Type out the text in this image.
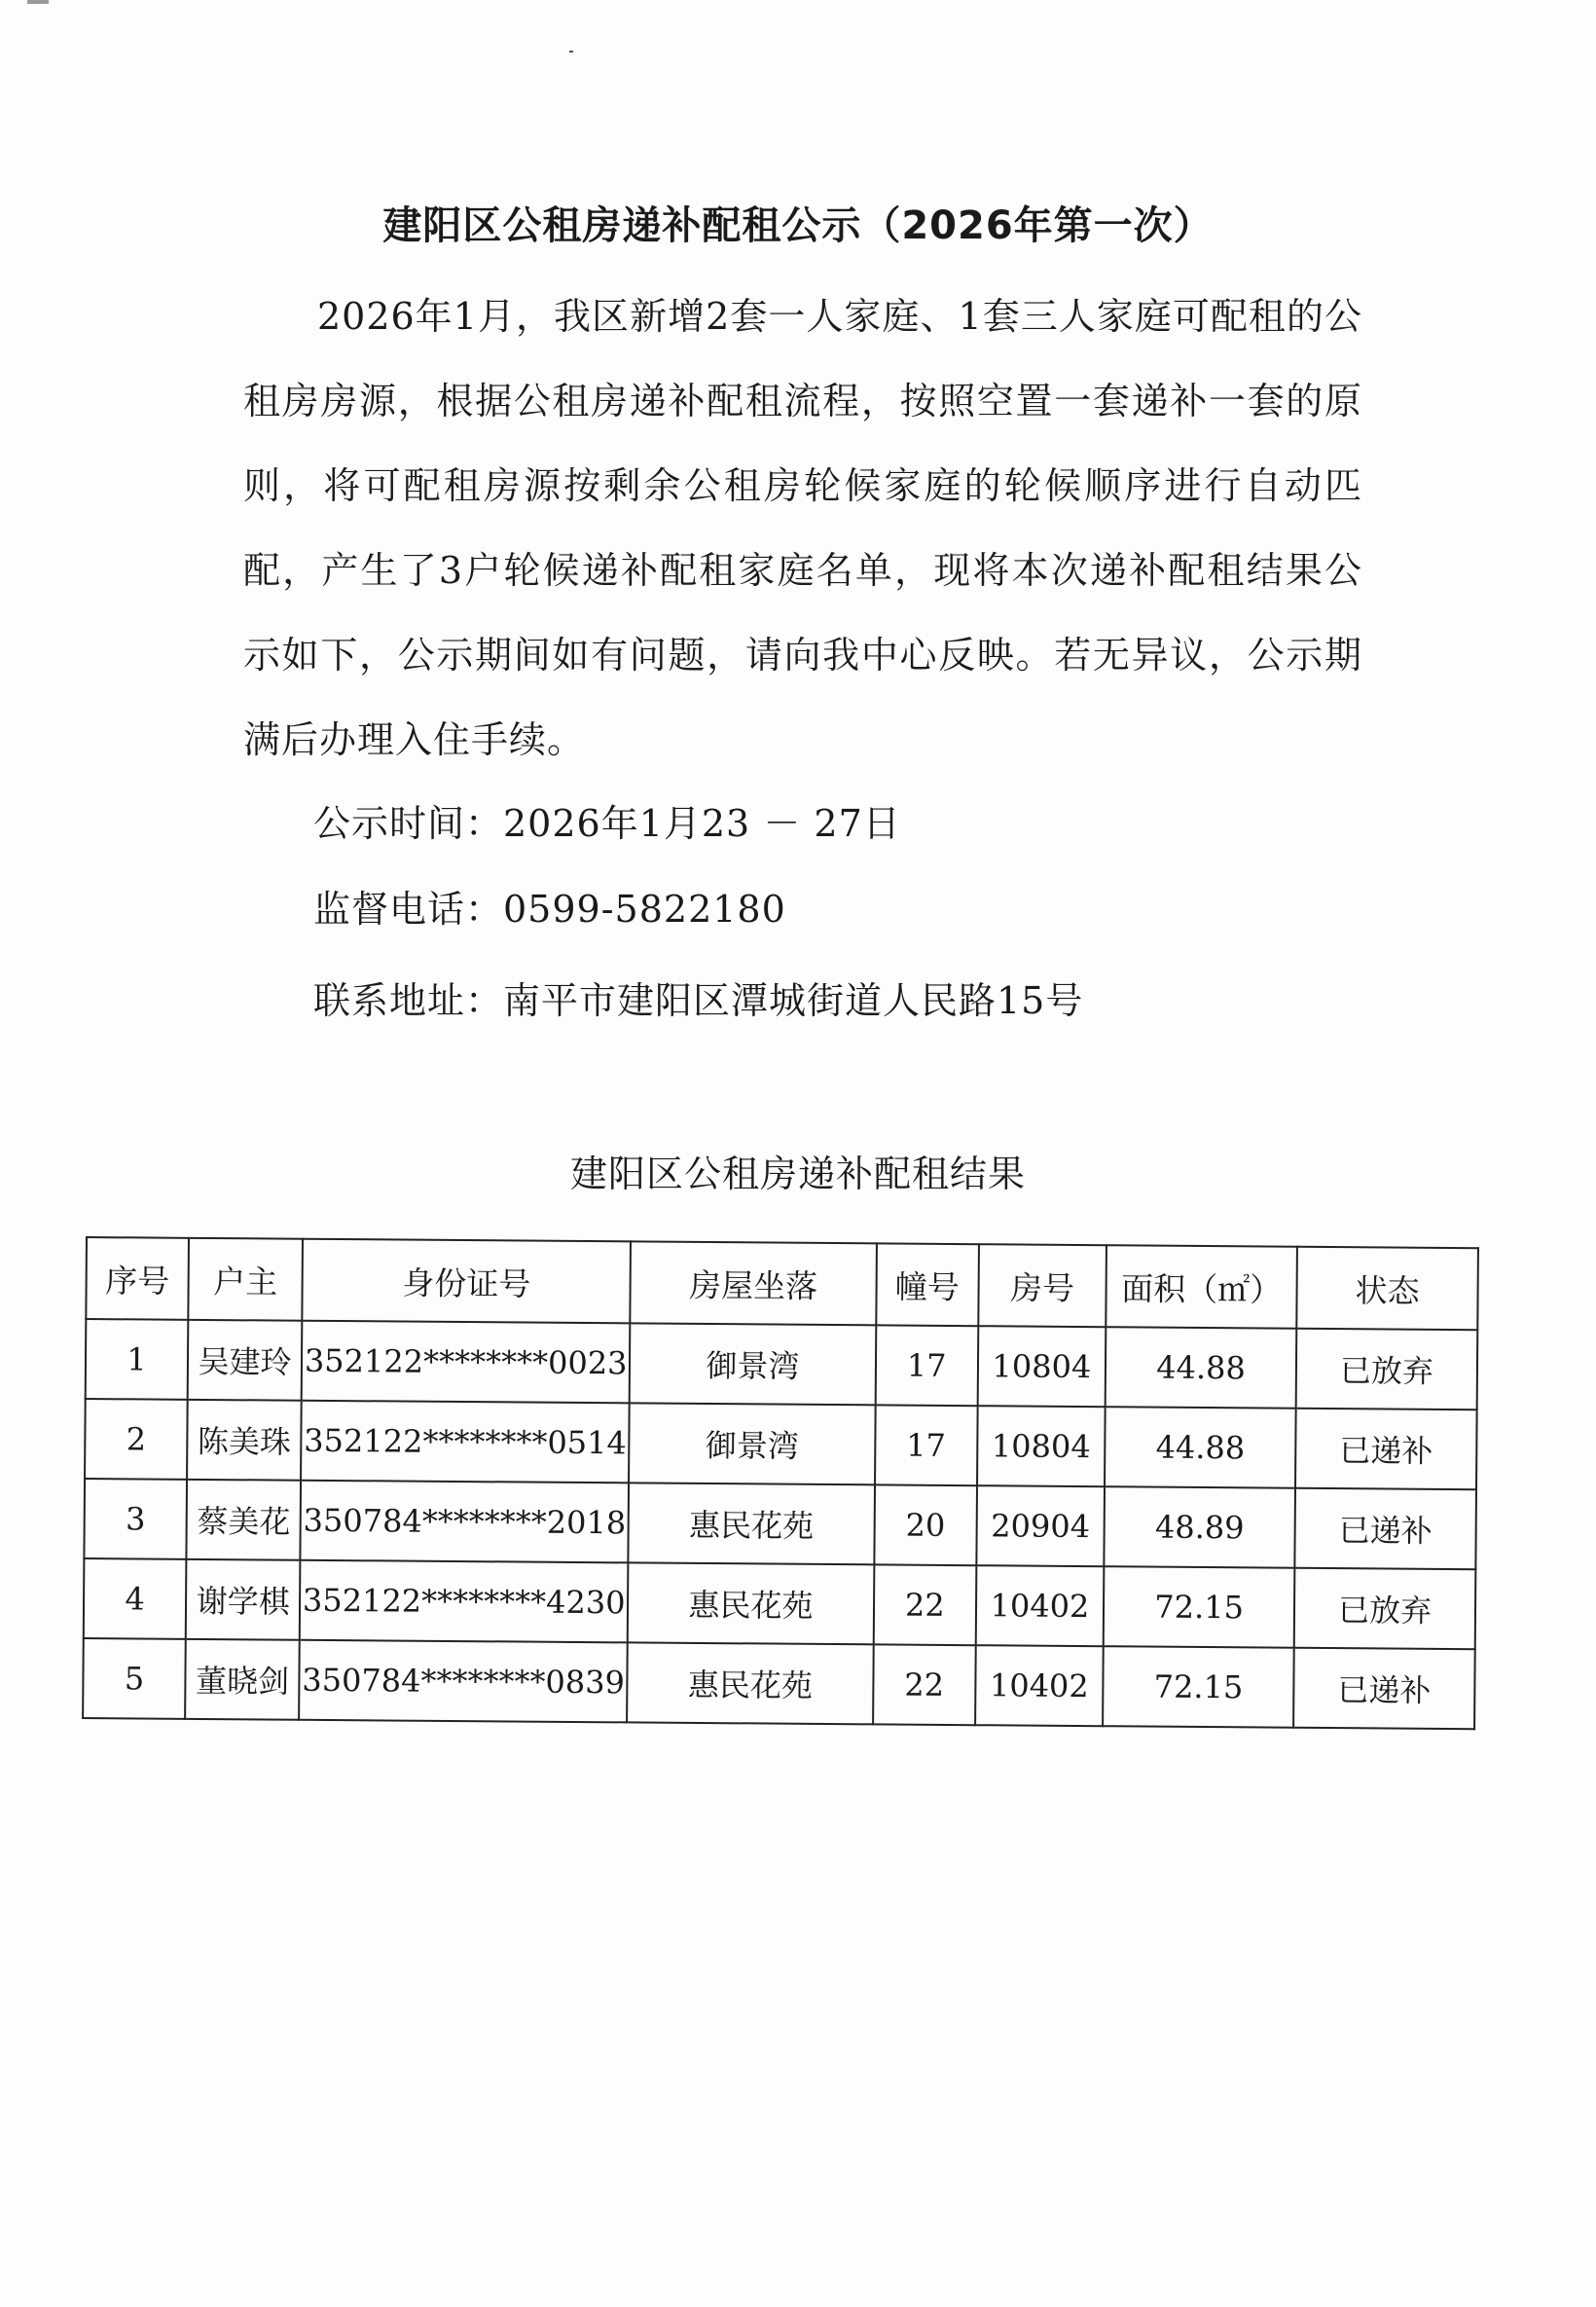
建阳区公租房递补配租公示（2026年第一次）
2026年1月，我区新增2套一人家庭、1套三人家庭可配租的公租房房源，根据公租房递补配租流程，按照空置一套递补一套的原则，将可配租房源按剩余公租房轮候家庭的轮候顺序进行自动匹配，产生了3户轮候递补配租家庭名单，现将本次递补配租结果公示如下，公示期间如有问题，请向我中心反映。若无异议，公示期满后办理入住手续。
公示时间：2026年1月23 － 27日
监督电话：0599-5822180
联系地址：南平市建阳区潭城街道人民路15号
建阳区公租房递补配租结果
序号	户主	身份证号	房屋坐落	幢号	房号	面积（㎡）	状态
1	吴建玲	352122********0023	御景湾	17	10804	44.88	已放弃
2	陈美珠	352122********0514	御景湾	17	10804	44.88	已递补
3	蔡美花	350784********2018	惠民花苑	20	20904	48.89	已递补
4	谢学棋	352122********4230	惠民花苑	22	10402	72.15	已放弃
5	董晓剑	350784********0839	惠民花苑	22	10402	72.15	已递补
